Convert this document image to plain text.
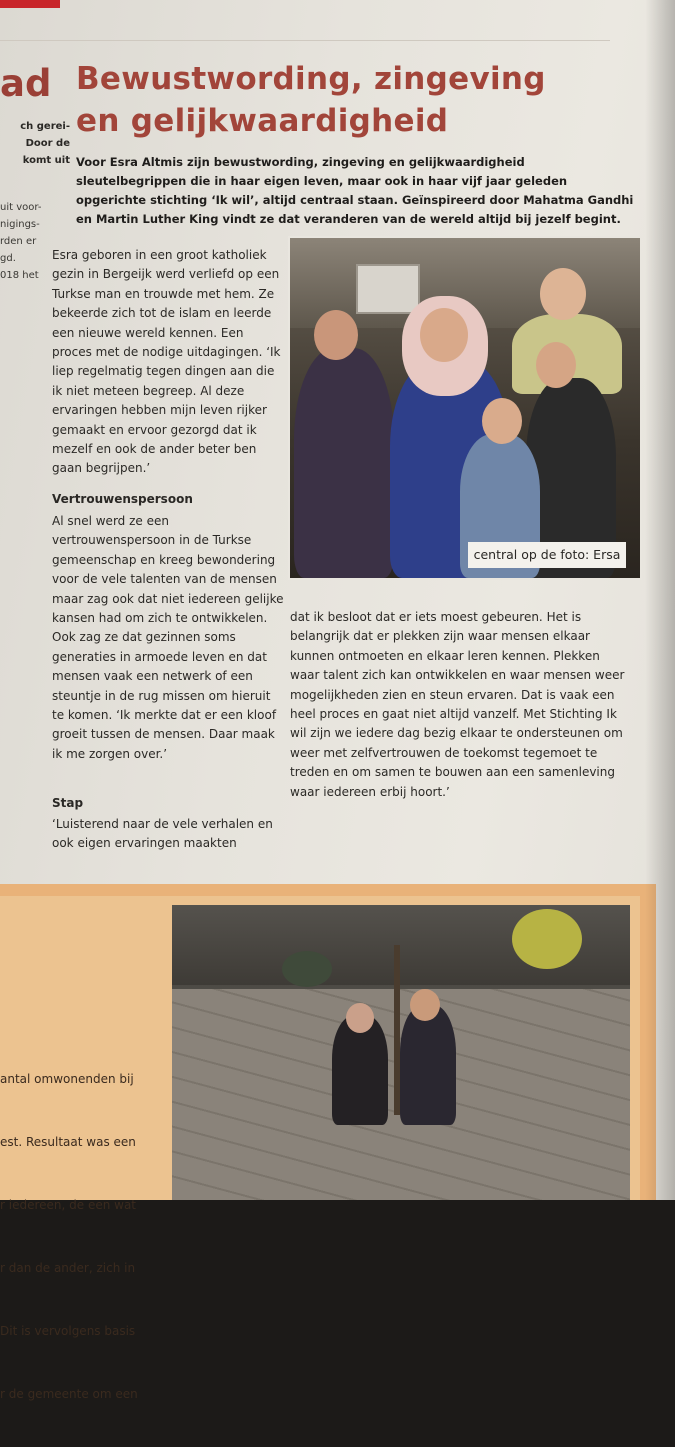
ad
ch gerei-
Door de
komt uit
uit voor-
nigings-
rden er
gd.
018 het
Bewustwording, zingeving
en gelijkwaardigheid

Voor Esra Altmis zijn bewustwording, zingeving en gelijkwaardigheid sleutelbegrippen die in haar eigen leven, maar ook in haar vijf jaar geleden opgerichte stichting ‘Ik wil’, altijd centraal staan. Geïnspireerd door Mahatma Gandhi en Martin Luther King vindt ze dat veranderen van de wereld altijd bij jezelf begint.

Esra geboren in een groot katholiek gezin in Bergeijk werd verliefd op een Turkse man en trouwde met hem. Ze bekeerde zich tot de islam en leerde een nieuwe wereld kennen. Een proces met de nodige uitdagingen. ‘Ik liep regelmatig tegen dingen aan die ik niet meteen begreep. Al deze ervaringen hebben mijn leven rijker gemaakt en ervoor gezorgd dat ik mezelf en ook de ander beter ben gaan begrijpen.’

Vertrouwenspersoon

Al snel werd ze een vertrouwenspersoon in de Turkse gemeenschap en kreeg bewondering voor de vele talenten van de mensen maar zag ook dat niet iedereen gelijke kansen had om zich te ontwikkelen. Ook zag ze dat gezinnen soms generaties in armoede leven en dat mensen vaak een netwerk of een steuntje in de rug missen om hieruit te komen. ‘Ik merkte dat er een kloof groeit tussen de mensen. Daar maak ik me zorgen over.’

Stap

‘Luisterend naar de vele verhalen en ook eigen ervaringen maakten

dat ik besloot dat er iets moest gebeuren. Het is belangrijk dat er plekken zijn waar mensen elkaar kunnen ontmoeten en elkaar leren kennen. Plekken waar talent zich kan ontwikkelen en waar mensen weer mogelijkheden zien en steun ervaren. Dat is vaak een heel proces en gaat niet altijd vanzelf. Met Stichting Ik wil zijn we iedere dag bezig elkaar te ondersteunen om weer met zelfvertrouwen de toekomst tegemoet te treden en om samen te bouwen aan een samenleving waar iedereen erbij hoort.’

central op de foto: Ersa

antal omwonenden bij

est. Resultaat was een

r iedereen, de een wat

r dan de ander, zich in

Dit is vervolgens basis

r de gemeente om een
